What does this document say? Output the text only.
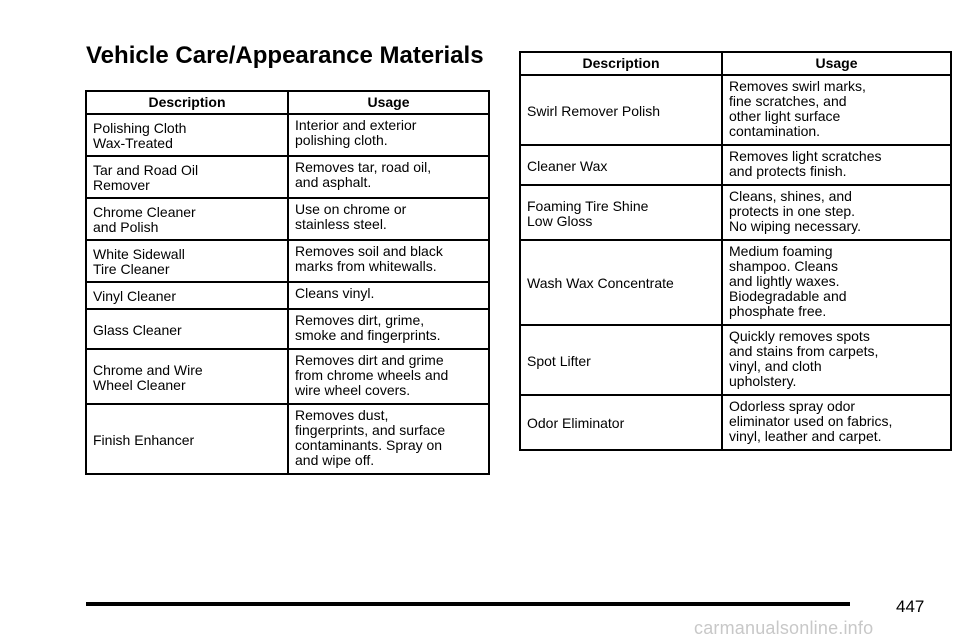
Vehicle Care/Appearance Materials
Description	Usage

Polishing Cloth
Wax-Treated	Interior and exterior
polishing cloth.

Tar and Road Oil
Remover	Removes tar, road oil,
and asphalt.

Chrome Cleaner
and Polish	Use on chrome or
stainless steel.

White Sidewall
Tire Cleaner	Removes soil and black
marks from whitewalls.

Vinyl Cleaner	Cleans vinyl.

Glass Cleaner	Removes dirt, grime,
smoke and fingerprints.

Chrome and Wire
Wheel Cleaner	Removes dirt and grime
from chrome wheels and
wire wheel covers.

Finish Enhancer	Removes dust,
fingerprints, and surface
contaminants. Spray on
and wipe off.
Description	Usage

Swirl Remover Polish	Removes swirl marks,
fine scratches, and
other light surface
contamination.

Cleaner Wax	Removes light scratches
and protects finish.

Foaming Tire Shine
Low Gloss	Cleans, shines, and
protects in one step.
No wiping necessary.

Wash Wax Concentrate	Medium foaming
shampoo. Cleans
and lightly waxes.
Biodegradable and
phosphate free.

Spot Lifter	Quickly removes spots
and stains from carpets,
vinyl, and cloth
upholstery.

Odor Eliminator	Odorless spray odor
eliminator used on fabrics,
vinyl, leather and carpet.
447
carmanualsonline.info
